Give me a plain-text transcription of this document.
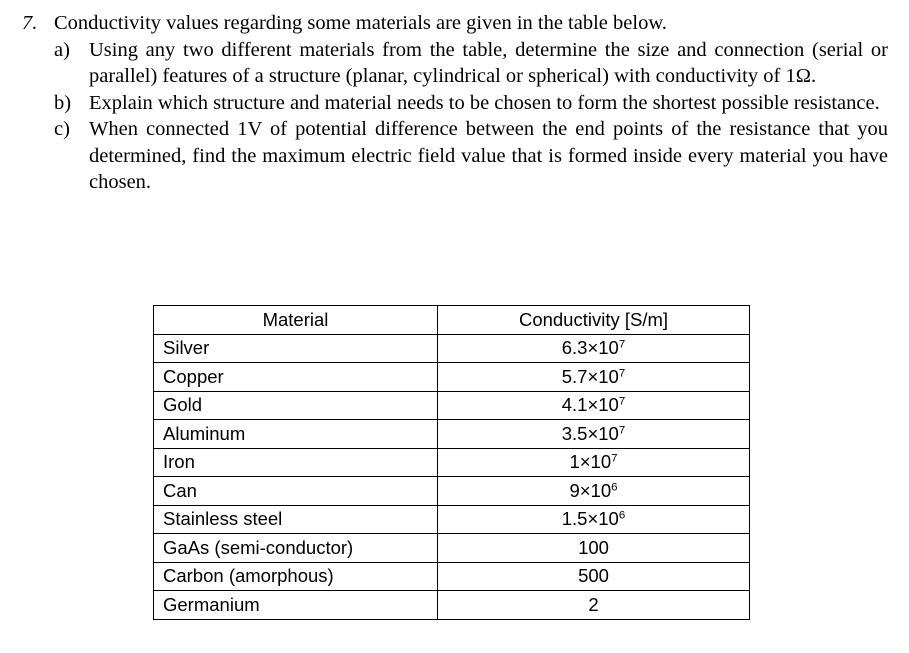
7. Conductivity values regarding some materials are given in the table below.
a) Using any two different materials from the table, determine the size and connection (serial or parallel) features of a structure (planar, cylindrical or spherical) with conductivity of 1Ω.
b) Explain which structure and material needs to be chosen to form the shortest possible resistance.
c) When connected 1V of potential difference between the end points of the resistance that you determined, find the maximum electric field value that is formed inside every material you have chosen.
Material	Conductivity [S/m]
Silver	$6.3\times 10^7$
Copper	$5.7\times 10^7$
Gold	$4.1\times 10^7$
Aluminum	$3.5\times 10^7$
Iron	$1\times 10^7$
Can	$9\times 10^6$
Stainless steel	$1.5\times 10^6$
GaAs (semi-conductor)	100
Carbon (amorphous)	500
Germanium	2
